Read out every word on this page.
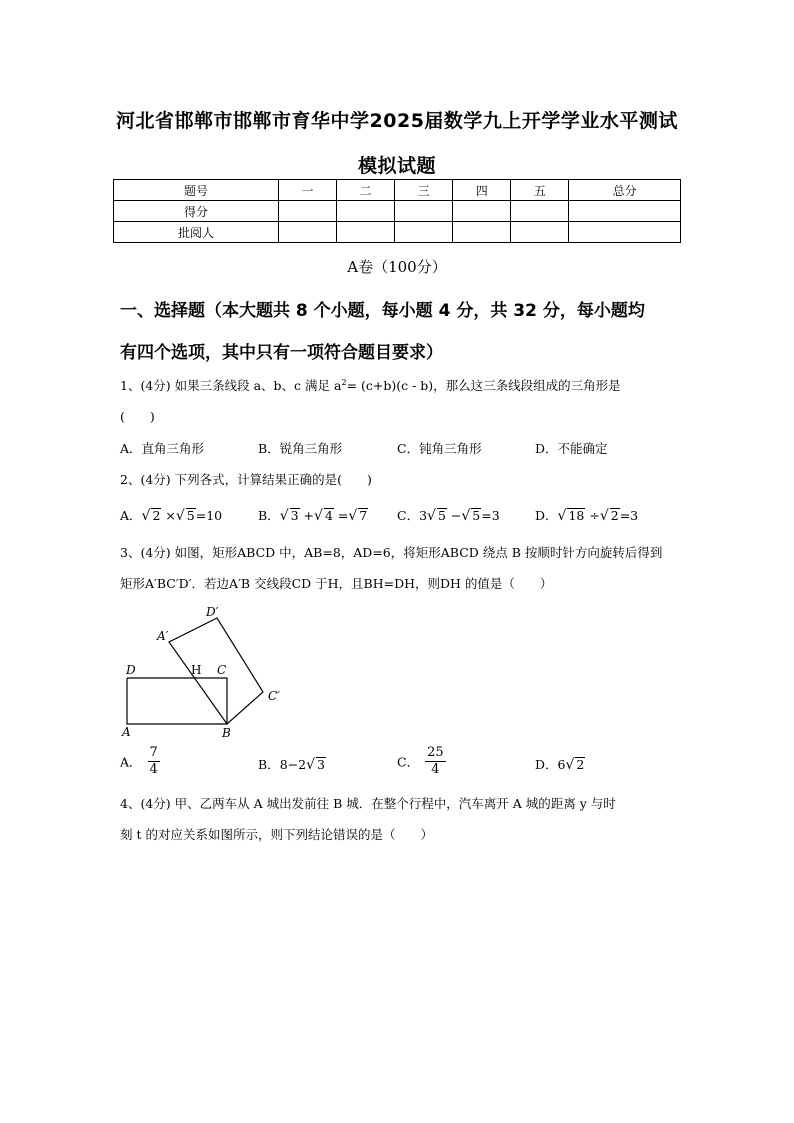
河北省邯郸市邯郸市育华中学2025届数学九上开学学业水平测试
模拟试题
题号	一	二	三	四	五	总分
得分						
批阅人						
A卷（100分）
一、选择题（本大题共 8 个小题，每小题 4 分，共 32 分，每小题均
有四个选项，其中只有一项符合题目要求）
1、(4分) 如果三条线段 a、b、c 满足 $a^2= (c+b)(c - b)$，那么这三条线段组成的三角形是
(　　)
A．直角三角形	B．锐角三角形	C．钝角三角形	D．不能确定
2、(4分) 下列各式，计算结果正确的是(　　)
A．√ 2 ×√ 5=10	B．√ 3 +√ 4 =√ 7 C．3√ 5 −√ 5=3	D．√ 18 ÷√ 2=3
3、(4分) 如图，矩形ABCD 中，AB=8，AD=6，将矩形ABCD 绕点 B 按顺时针方向旋转后得到
矩形A′BC′D′．若边A′B 交线段CD 于H，且BH=DH，则DH 的值是（　　）
D′
A′
D	H C
C′
A	B
A． $\frac{7}{4}$	B．8−2√ 3	C． $\frac{25}{4}$	D．6√ 2
4、(4分) 甲、乙两车从 A 城出发前往 B 城．在整个行程中，汽车离开 A 城的距离 y 与时
刻 t 的对应关系如图所示，则下列结论错误的是（　　）
